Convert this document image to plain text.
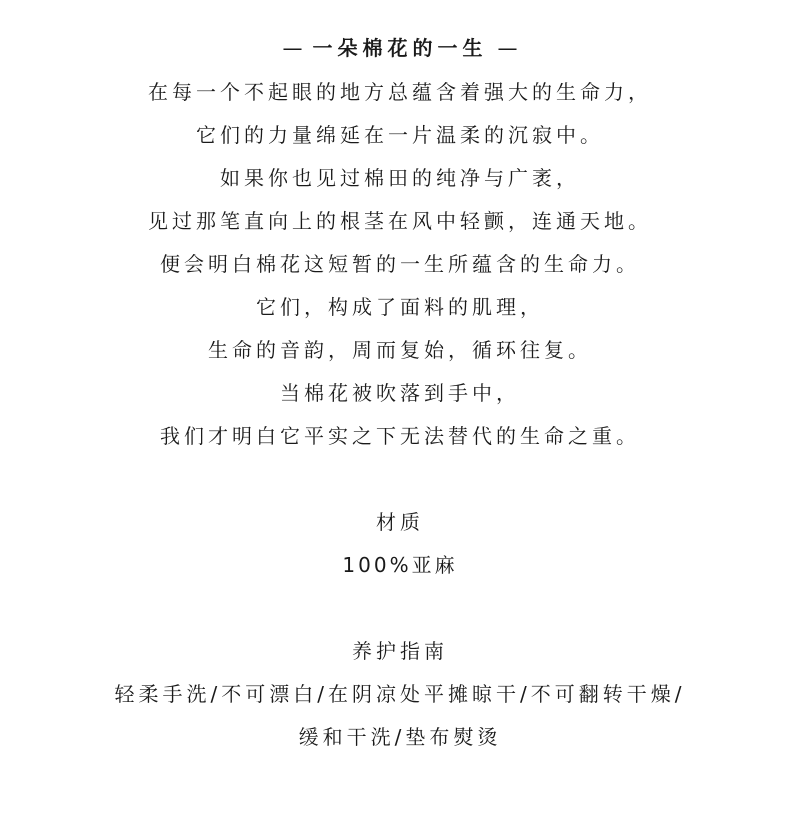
— 一朵棉花的一生 —
在每一个不起眼的地方总蕴含着强大的生命力，
它们的力量绵延在一片温柔的沉寂中。
如果你也见过棉田的纯净与广袤，
见过那笔直向上的根茎在风中轻颤，连通天地。
便会明白棉花这短暂的一生所蕴含的生命力。
它们，构成了面料的肌理，
生命的音韵，周而复始，循环往复。
当棉花被吹落到手中，
我们才明白它平实之下无法替代的生命之重。
材质
100%亚麻
养护指南
轻柔手洗/不可漂白/在阴凉处平摊晾干/不可翻转干燥/
缓和干洗/垫布熨烫
